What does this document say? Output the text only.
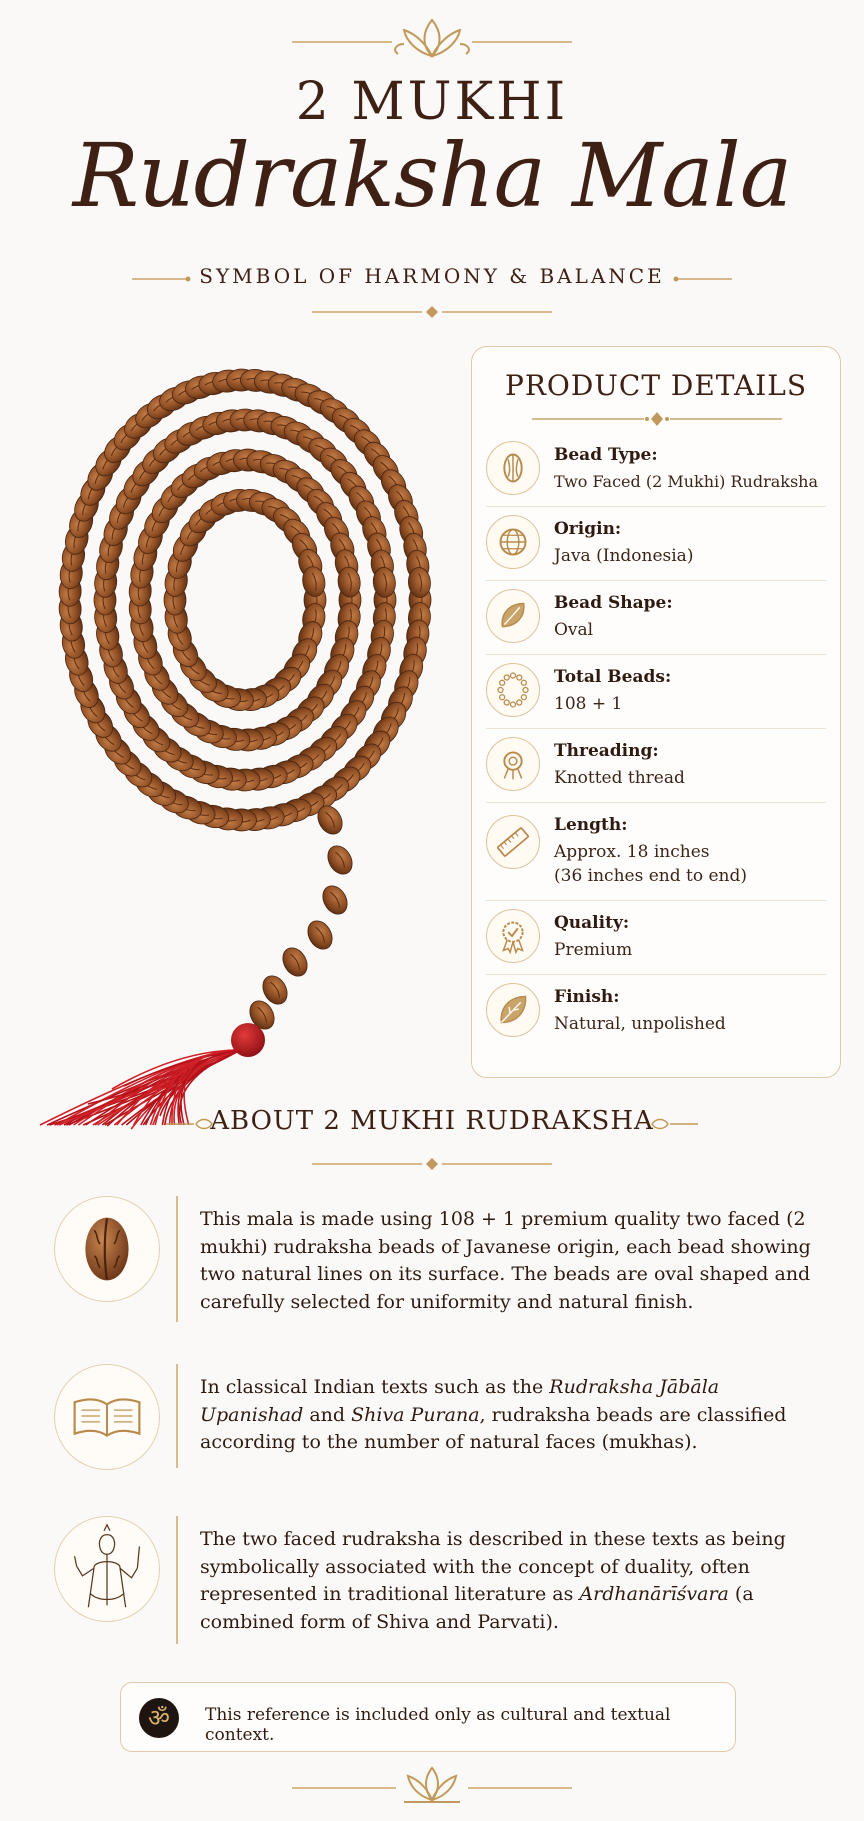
2 MUKHI
Rudraksha Mala
SYMBOL OF HARMONY & BALANCE
PRODUCT DETAILS
Bead Type:
Two Faced (2 Mukhi) Rudraksha
Origin:
Java (Indonesia)
Bead Shape:
Oval
Total Beads:
108 + 1
Threading:
Knotted thread
Length:
Approx. 18 inches
(36 inches end to end)
Quality:
Premium
Finish:
Natural, unpolished
ABOUT 2 MUKHI RUDRAKSHA
This mala is made using 108 + 1 premium quality two faced (2 mukhi) rudraksha beads of Javanese origin, each bead showing two natural lines on its surface. The beads are oval shaped and carefully selected for uniformity and natural finish.
In classical Indian texts such as the Rudraksha Jābāla Upanishad and Shiva Purana, rudraksha beads are classified according to the number of natural faces (mukhas).
The two faced rudraksha is described in these texts as being symbolically associated with the concept of duality, often represented in traditional literature as Ardhanārīśvara (a combined form of Shiva and Parvati).
ॐ	This reference is included only as cultural and textual context.
